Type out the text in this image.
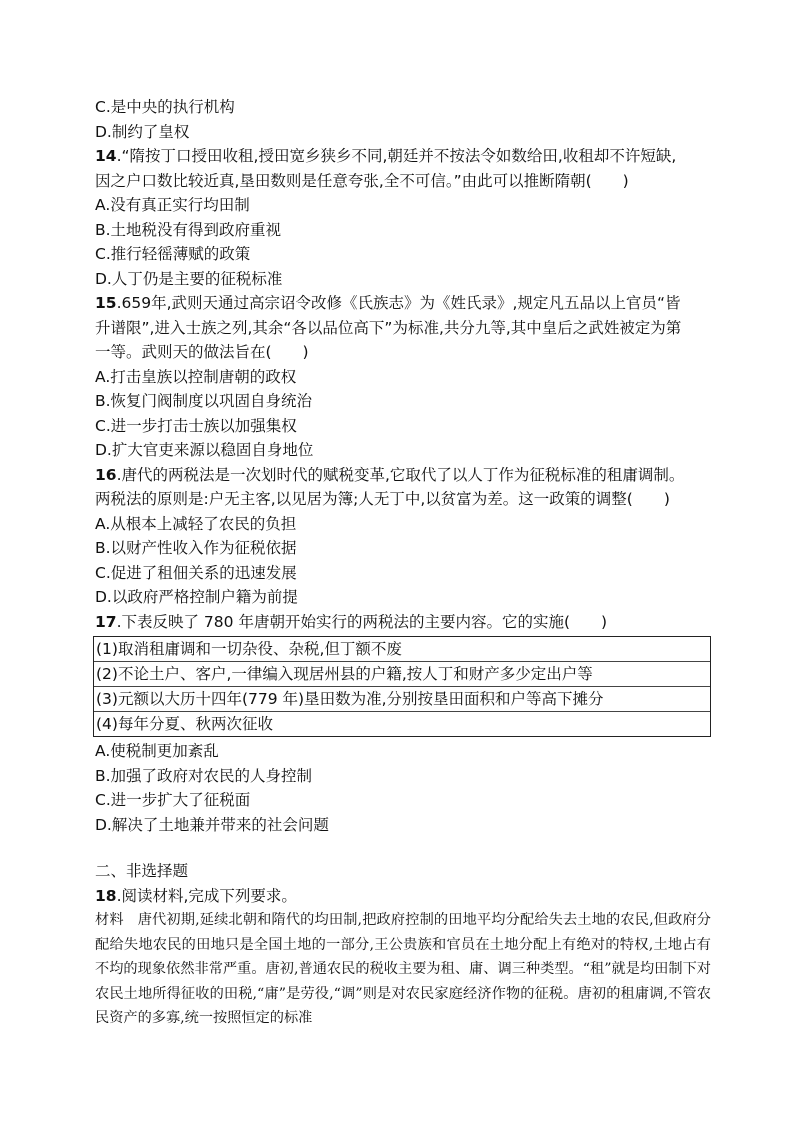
C.是中央的执行机构
D.制约了皇权
14.“隋按丁口授田收租,授田宽乡狭乡不同,朝廷并不按法令如数给田,收租却不许短缺,
因之户口数比较近真,垦田数则是任意夸张,全不可信。”由此可以推断隋朝(　　)
A.没有真正实行均田制
B.土地税没有得到政府重视
C.推行轻徭薄赋的政策
D.人丁仍是主要的征税标准
15.659年,武则天通过高宗诏令改修《氏族志》为《姓氏录》,规定凡五品以上官员“皆
升谱限”,进入士族之列,其余“各以品位高下”为标准,共分九等,其中皇后之武姓被定为第
一等。武则天的做法旨在(　　)
A.打击皇族以控制唐朝的政权
B.恢复门阀制度以巩固自身统治
C.进一步打击士族以加强集权
D.扩大官吏来源以稳固自身地位
16.唐代的两税法是一次划时代的赋税变革,它取代了以人丁作为征税标准的租庸调制。
两税法的原则是:户无主客,以见居为簿;人无丁中,以贫富为差。这一政策的调整(　　)
A.从根本上减轻了农民的负担
B.以财产性收入作为征税依据
C.促进了租佃关系的迅速发展
D.以政府严格控制户籍为前提
17.下表反映了 780 年唐朝开始实行的两税法的主要内容。它的实施(　　)
(1)取消租庸调和一切杂役、杂税,但丁额不废
(2)不论土户、客户,一律编入现居州县的户籍,按人丁和财产多少定出户等
(3)元额以大历十四年(779 年)垦田数为准,分别按垦田面积和户等高下摊分
(4)每年分夏、秋两次征收
A.使税制更加紊乱
B.加强了政府对农民的人身控制
C.进一步扩大了征税面
D.解决了土地兼并带来的社会问题
二、非选择题
18.阅读材料,完成下列要求。
材料 唐代初期,延续北朝和隋代的均田制,把政府控制的田地平均分配给失去土地的农民,但政府分配给失地农民的田地只是全国土地的一部分,王公贵族和官员在土地分配上有绝对的特权,土地占有不均的现象依然非常严重。唐初,普通农民的税收主要为租、庸、调三种类型。“租”就是均田制下对农民土地所得征收的田税,“庸”是劳役,“调”则是对农民家庭经济作物的征税。唐初的租庸调,不管农民资产的多寡,统一按照恒定的标准
